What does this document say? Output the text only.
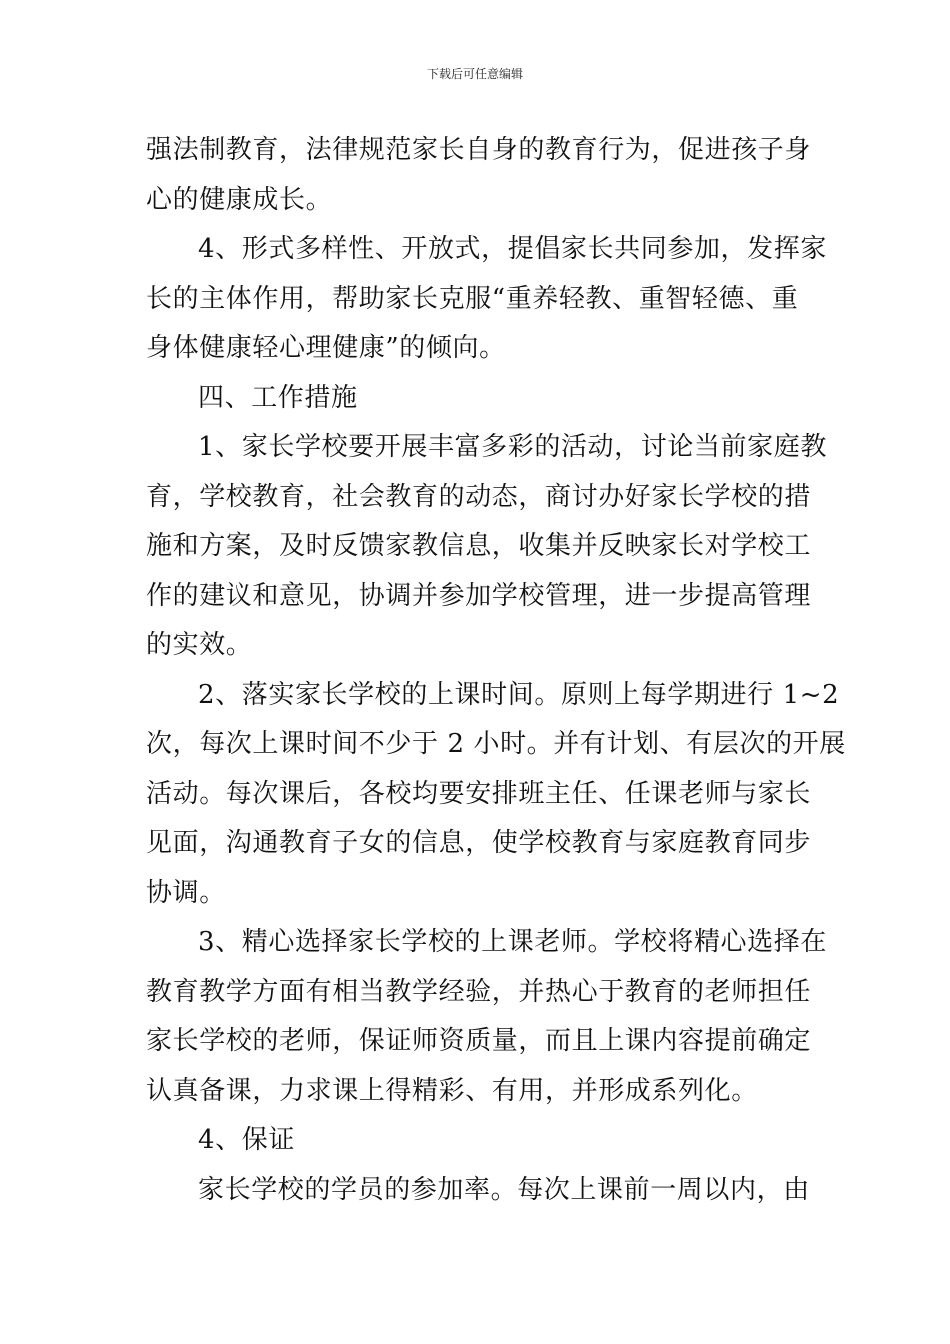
下载后可任意编辑
强法制教育，法律规范家长自身的教育行为，促进孩子身
心的健康成长。
4、形式多样性、开放式，提倡家长共同参加，发挥家
长的主体作用，帮助家长克服“重养轻教、重智轻德、重
身体健康轻心理健康”的倾向。
四、工作措施
1、家长学校要开展丰富多彩的活动，讨论当前家庭教
育，学校教育，社会教育的动态，商讨办好家长学校的措
施和方案，及时反馈家教信息，收集并反映家长对学校工
作的建议和意见，协调并参加学校管理，进一步提高管理
的实效。
2、落实家长学校的上课时间。原则上每学期进行 1~2
次，每次上课时间不少于 2 小时。并有计划、有层次的开展
活动。每次课后，各校均要安排班主任、任课老师与家长
见面，沟通教育子女的信息，使学校教育与家庭教育同步
协调。
3、精心选择家长学校的上课老师。学校将精心选择在
教育教学方面有相当教学经验，并热心于教育的老师担任
家长学校的老师，保证师资质量，而且上课内容提前确定
认真备课，力求课上得精彩、有用，并形成系列化。
4、保证
家长学校的学员的参加率。每次上课前一周以内，由
